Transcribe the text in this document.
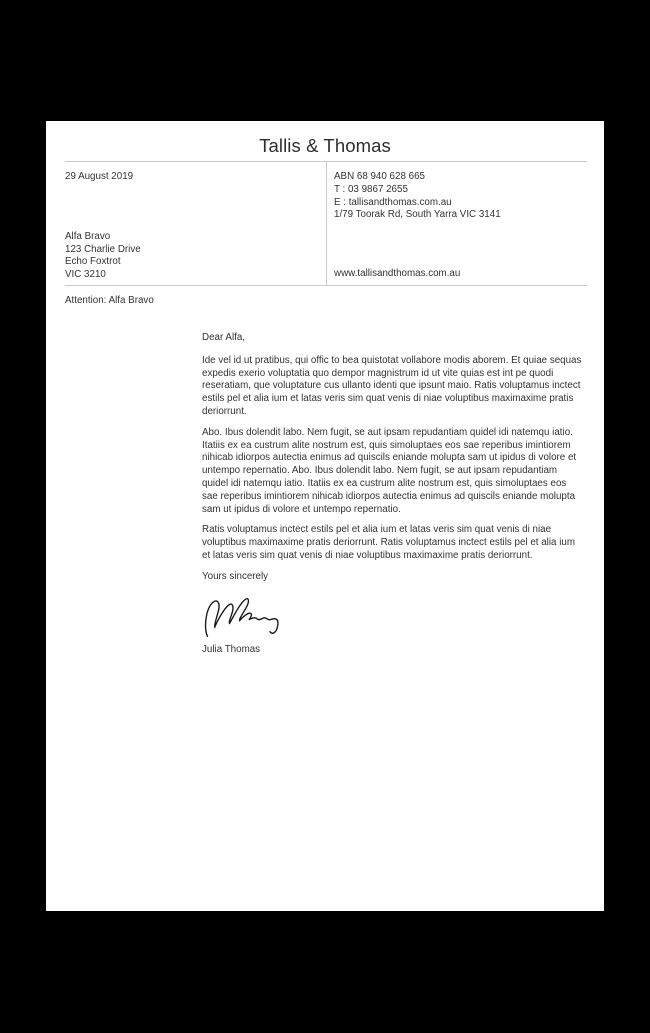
Tallis & Thomas
29 August 2019
Alfa Bravo
123 Charlie Drive
Echo Foxtrot
VIC 3210
ABN 68 940 628 665
T : 03 9867 2655
E : tallisandthomas.com.au
1/79 Toorak Rd, South Yarra VIC 3141
www.tallisandthomas.com.au
Attention: Alfa Bravo

Dear Alfa,

Ide vel id ut pratibus, qui offic to bea quistotat vollabore modis aborem. Et quiae sequas expedis exerio voluptatia quo dempor magnistrum id ut vite quias est int pe quodi reseratiam, que voluptature cus ullanto identi que ipsunt maio. Ratis voluptamus inctect estils pel et alia ium et latas veris sim quat venis di niae voluptibus maximaxime pratis deriorrunt.

Abo. Ibus dolendit labo. Nem fugit, se aut ipsam repudantiam quidel idi natemqu iatio. Itatiis ex ea custrum alite nostrum est, quis simoluptaes eos sae reperibus imintiorem nihicab idiorpos autectia enimus ad quiscils eniande molupta sam ut ipidus di volore et untempo repernatio. Abo. Ibus dolendit labo. Nem fugit, se aut ipsam repudantiam quidel idi natemqu iatio. Itatiis ex ea custrum alite nostrum est, quis simoluptaes eos sae reperibus imintiorem nihicab idiorpos autectia enimus ad quiscils eniande molupta sam ut ipidus di volore et untempo repernatio.

Ratis voluptamus inctect estils pel et alia ium et latas veris sim quat venis di niae voluptibus maximaxime pratis deriorrunt. Ratis voluptamus inctect estils pel et alia ium et latas veris sim quat venis di niae voluptibus maximaxime pratis deriorrunt.

Yours sincerely

Julia Thomas
